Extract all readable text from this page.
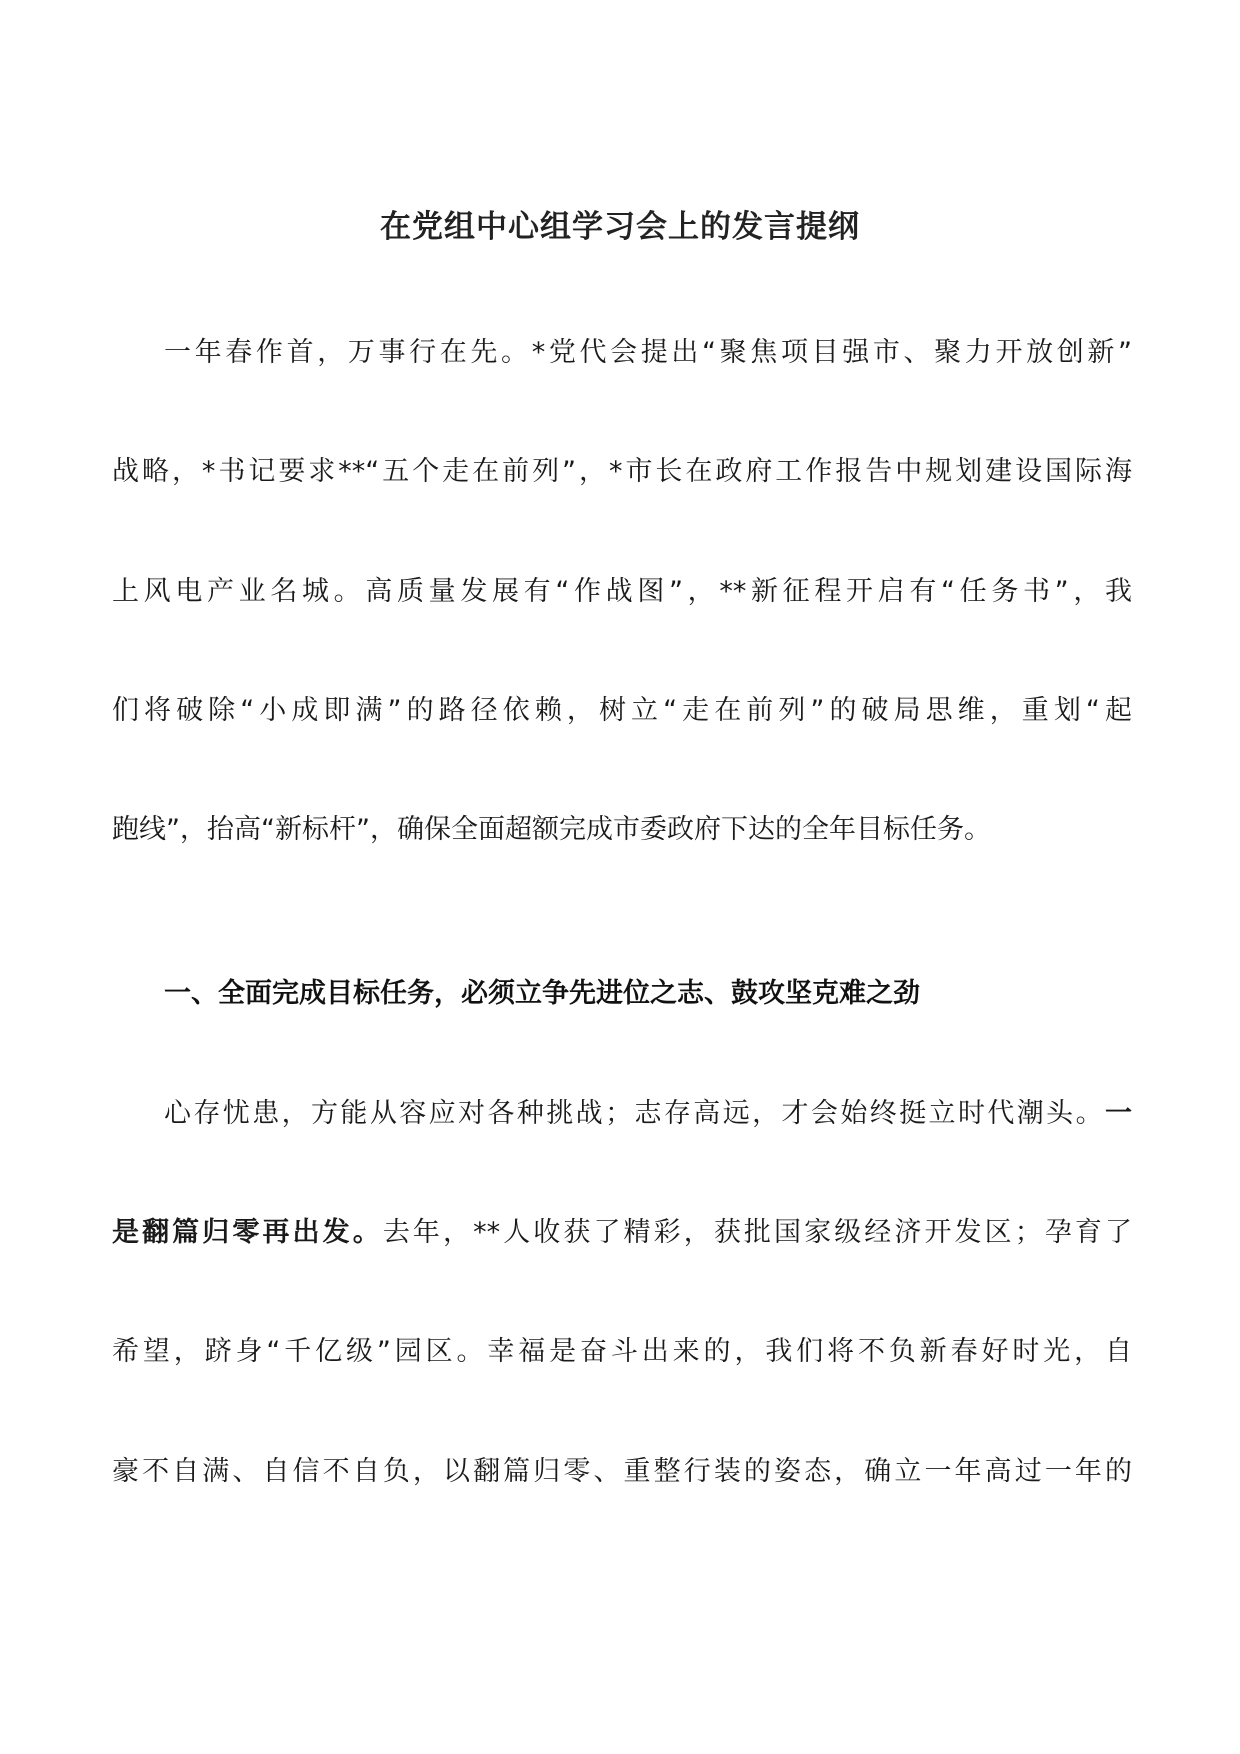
在党组中心组学习会上的发言提纲
一年春作首，万事行在先。*党代会提出“聚焦项目强市、聚力开放创新”
战略，*书记要求**“五个走在前列”，*市长在政府工作报告中规划建设国际海
上风电产业名城。高质量发展有“作战图”，**新征程开启有“任务书”，我
们将破除“小成即满”的路径依赖，树立“走在前列”的破局思维，重划“起
跑线”，抬高“新标杆”，确保全面超额完成市委政府下达的全年目标任务。
一、全面完成目标任务，必须立争先进位之志、鼓攻坚克难之劲
心存忧患，方能从容应对各种挑战；志存高远，才会始终挺立时代潮头。一
是翻篇归零再出发。去年，**人收获了精彩，获批国家级经济开发区；孕育了
希望，跻身“千亿级”园区。幸福是奋斗出来的，我们将不负新春好时光，自
豪不自满、自信不自负，以翻篇归零、重整行装的姿态，确立一年高过一年的
